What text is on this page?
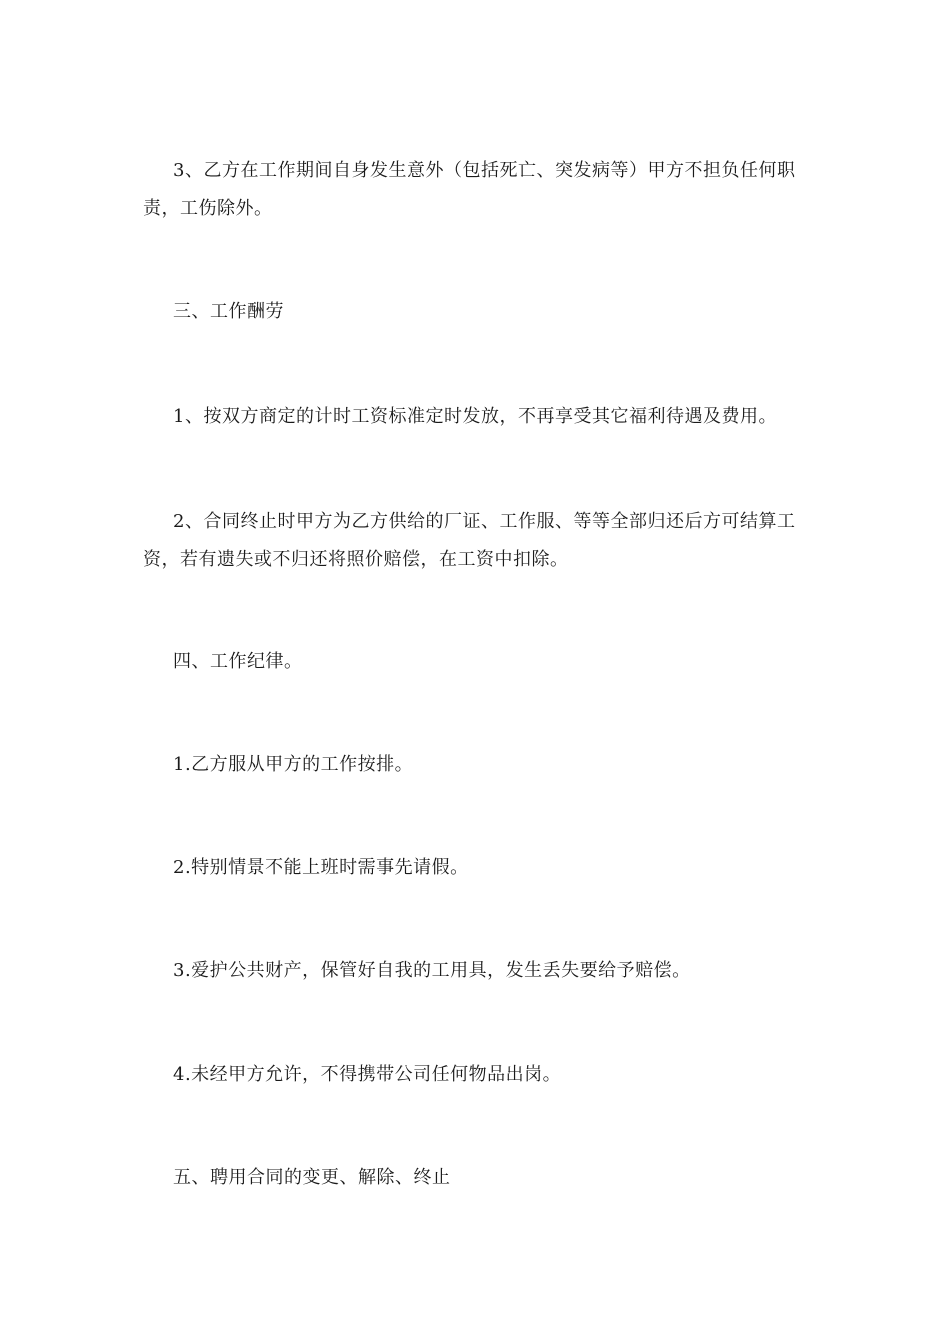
3、乙方在工作期间自身发生意外（包括死亡、突发病等）甲方不担负任何职责，工伤除外。

三、工作酬劳

1、按双方商定的计时工资标准定时发放，不再享受其它福利待遇及费用。

2、合同终止时甲方为乙方供给的厂证、工作服、等等全部归还后方可结算工资，若有遗失或不归还将照价赔偿，在工资中扣除。

四、工作纪律。

1.乙方服从甲方的工作按排。

2.特别情景不能上班时需事先请假。

3.爱护公共财产，保管好自我的工用具，发生丢失要给予赔偿。

4.未经甲方允许，不得携带公司任何物品出岗。

五、聘用合同的变更、解除、终止
